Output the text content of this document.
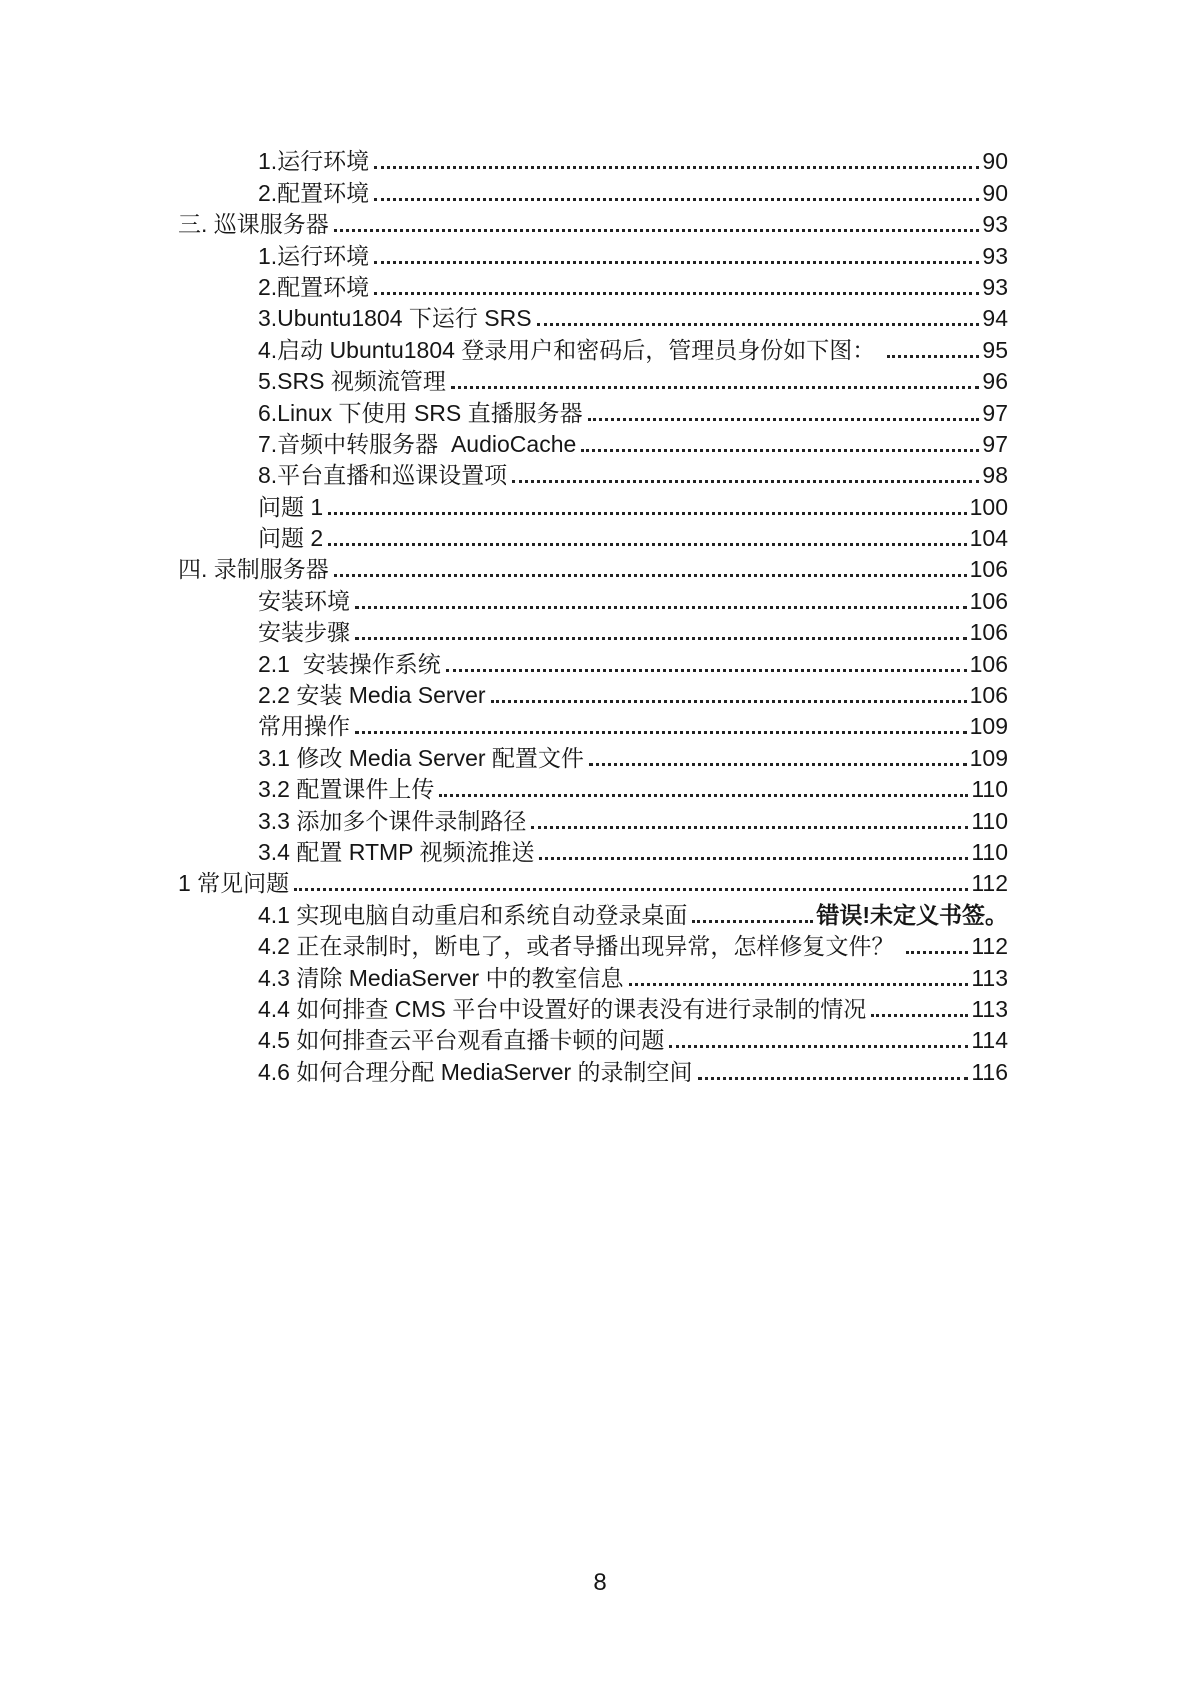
1.运行环境	90
2.配置环境	90
三. 巡课服务器	93
1.运行环境	93
2.配置环境	93
3.Ubuntu1804 下运行 SRS	94
4.启动 Ubuntu1804 登录用户和密码后，管理员身份如下图：	95
5.SRS 视频流管理	96
6.Linux 下使用 SRS 直播服务器	97
7.音频中转服务器  AudioCache	97
8.平台直播和巡课设置项	98
问题 1	100
问题 2	104
四. 录制服务器	106
安装环境	106
安装步骤	106
2.1  安装操作系统	106
2.2 安装 Media Server	106
常用操作	109
3.1 修改 Media Server 配置文件	109
3.2 配置课件上传	110
3.3 添加多个课件录制路径	110
3.4 配置 RTMP 视频流推送	110
1 常见问题	112
4.1 实现电脑自动重启和系统自动登录桌面	错误!未定义书签。
4.2 正在录制时，断电了，或者导播出现异常，怎样修复文件？	112
4.3 清除 MediaServer 中的教室信息	113
4.4 如何排查 CMS 平台中设置好的课表没有进行录制的情况	113
4.5 如何排查云平台观看直播卡顿的问题	114
4.6 如何合理分配 MediaServer 的录制空间	116
8
